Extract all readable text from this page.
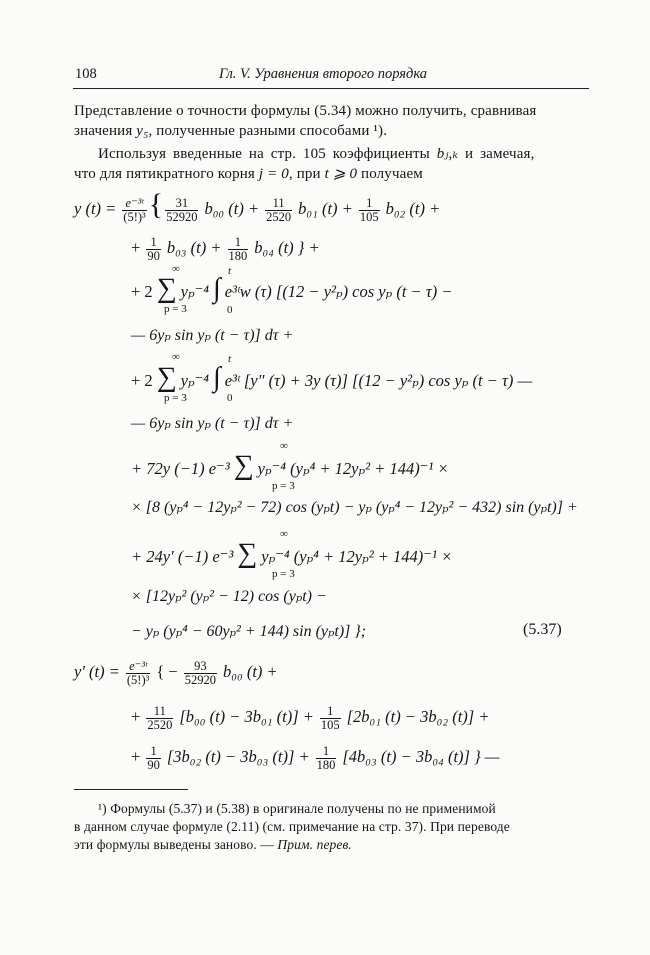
108	Гл. V. Уравнения второго порядка
Представление о точности формулы (5.34) можно получить, сравнивая
значения y₅, полученные разными способами ¹).
Используя введенные на стр. 105 коэффициенты bⱼ,ₖ и замечая,
что для пятикратного корня j = 0, при t ⩾ 0 получаем
y $(t) = \frac{\text{e⁻³ᵗ}}{\text{(5!)³}}$ { $\frac{31}{52920} b_{00}$ $(t) + \frac{11}{2520} b_{01}$ $(t) + \frac{1}{105} b_{02}$ (t) +
+ $\frac{1}{90} b_{03}$ $(t) + \frac{1}{180} b_{04}$ (t) } +
∞
p = 3
t
0
+ 2 ∑ yₚ⁻⁴ ∫ e³ᵗw (τ) [(12 − y²ₚ) cos yₚ (t − τ) −
— 6yₚ sin yₚ (t − τ)] dτ +
∞
p = 3
t
0
+ 2 ∑ yₚ⁻⁴ ∫ e³ᵗ [y″ (τ) + 3y (τ)] [(12 − y²ₚ) cos yₚ (t − τ) —
— 6yₚ sin yₚ (t − τ)] dτ +
∞
p = 3
+ 72y (−1) e⁻³ ∑ yₚ⁻⁴ (yₚ⁴ + 12yₚ² + 144)⁻¹ ×
× [8 (yₚ⁴ − 12yₚ² − 72) cos (yₚt) − yₚ (yₚ⁴ − 12yₚ² − 432) sin (yₚt)] +
∞
p = 3
+ 24y′ (−1) e⁻³ ∑ yₚ⁻⁴ (yₚ⁴ + 12yₚ² + 144)⁻¹ ×
× [12yₚ² (yₚ² − 12) cos (yₚt) −
− yₚ (yₚ⁴ − 60yₚ² + 144) sin (yₚt)] };	(5.37)
y′ $(t) = \frac{\text{e⁻³ᵗ}}{\text{(5!)³}}$ { − $\frac{93}{52920} b_{00}$ (t) +
+ $\frac{11}{2520} [b_{00}$ (t) − 3b₀₁ $(t)] + \frac{1}{105} [2b_{01}$ (t) − 3b₀₂ (t)] +
+ $\frac{1}{90} [3b_{02}$ (t) − 3b₀₃ $(t)] + \frac{1}{180} [4b_{03}$ (t) − 3b₀₄ (t)] } —
¹) Формулы (5.37) и (5.38) в оригинале получены по не применимой
в данном случае формуле (2.11) (см. примечание на стр. 37). При переводе
эти формулы выведены заново. — Прим. перев.
